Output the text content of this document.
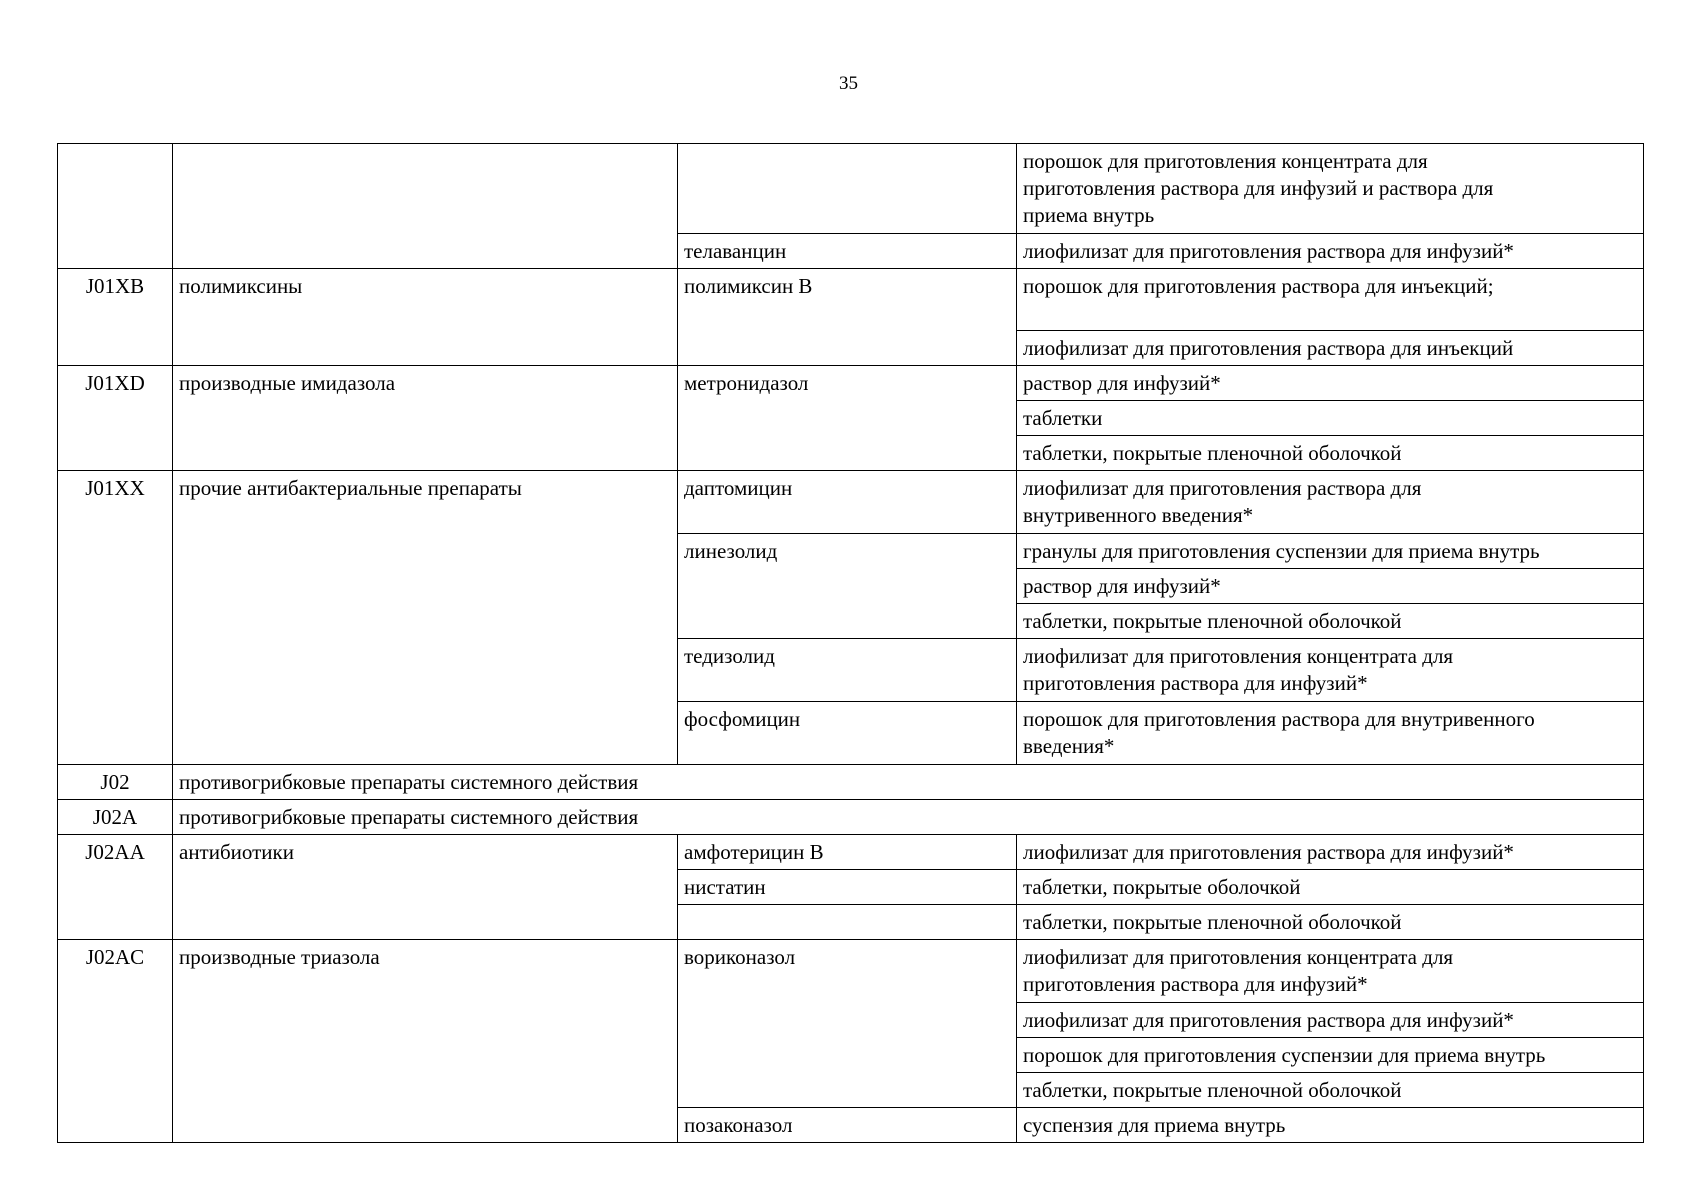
35
			порошок для приготовления концентрата для
приготовления раствора для инфузий и раствора для
приема внутрь
		телаванцин	лиофилизат для приготовления раствора для инфузий*
J01XB	полимиксины	полимиксин B	порошок для приготовления раствора для инъекций;
			лиофилизат для приготовления раствора для инъекций
J01XD	производные имидазола	метронидазол	раствор для инфузий*
			таблетки
			таблетки, покрытые пленочной оболочкой
J01XX	прочие антибактериальные препараты	даптомицин	лиофилизат для приготовления раствора для
внутривенного введения*
		линезолид	гранулы для приготовления суспензии для приема внутрь
			раствор для инфузий*
			таблетки, покрытые пленочной оболочкой
		тедизолид	лиофилизат для приготовления концентрата для
приготовления раствора для инфузий*
		фосфомицин	порошок для приготовления раствора для внутривенного
введения*
J02	противогрибковые препараты системного действия		
J02A	противогрибковые препараты системного действия		
J02AA	антибиотики	амфотерицин B	лиофилизат для приготовления раствора для инфузий*
		нистатин	таблетки, покрытые оболочкой
			таблетки, покрытые пленочной оболочкой
J02AC	производные триазола	вориконазол	лиофилизат для приготовления концентрата для
приготовления раствора для инфузий*
			лиофилизат для приготовления раствора для инфузий*
			порошок для приготовления суспензии для приема внутрь
			таблетки, покрытые пленочной оболочкой
		позаконазол	суспензия для приема внутрь
